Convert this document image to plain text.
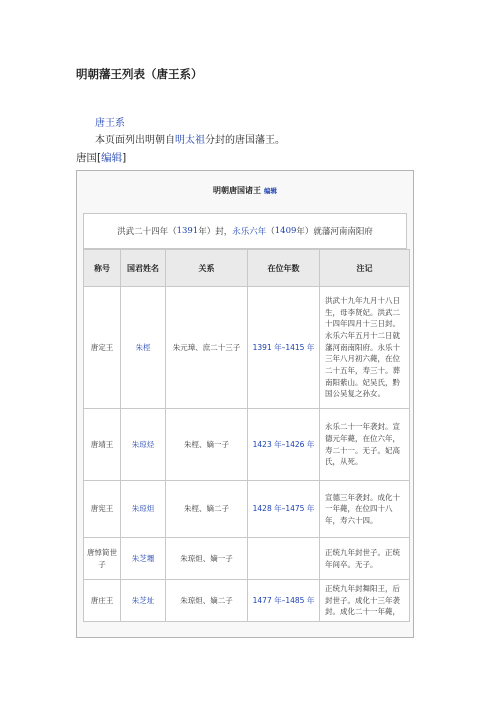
明朝藩王列表（唐王系）
唐王系
本页面列出明朝自明太祖分封的唐国藩王。
唐国[编辑]
明朝唐国诸王 编辑
洪武二十四年（ 1391 年）封， 永乐六年 （ 1409 年）就藩河南南阳府
称号	国君姓名	关系	在位年数	注记
唐定王	朱桱	朱元璋、庶二十三子	1391 年–1415 年	洪武十九年九月十八日生，母李贤妃。洪武二十四年四月十三日封。永乐六年五月十二日就藩河南南阳府。永乐十三年八月初六薨，在位二十五年，寿三十。葬南阳紫山。妃吴氏，黔国公吴复之孙女。
唐靖王	朱琼烃	朱桱、嫡一子	1423 年–1426 年	永乐二十一年袭封。宣德元年薨，在位六年，寿二十一。无子。妃高氏，从死。
唐宪王	朱琼炟	朱桱、嫡二子	1428 年–1475 年	宣德三年袭封。成化十一年薨，在位四十八年，寿六十四。
唐悼简世子	朱芝壥	朱琼炟、嫡一子		正统九年封世子。正统年间卒。无子。
唐庄王	朱芝址	朱琼炟、嫡二子	1477 年–1485 年	正统九年封舞阳王，后封世子。成化十三年袭封。成化二十一年薨，
